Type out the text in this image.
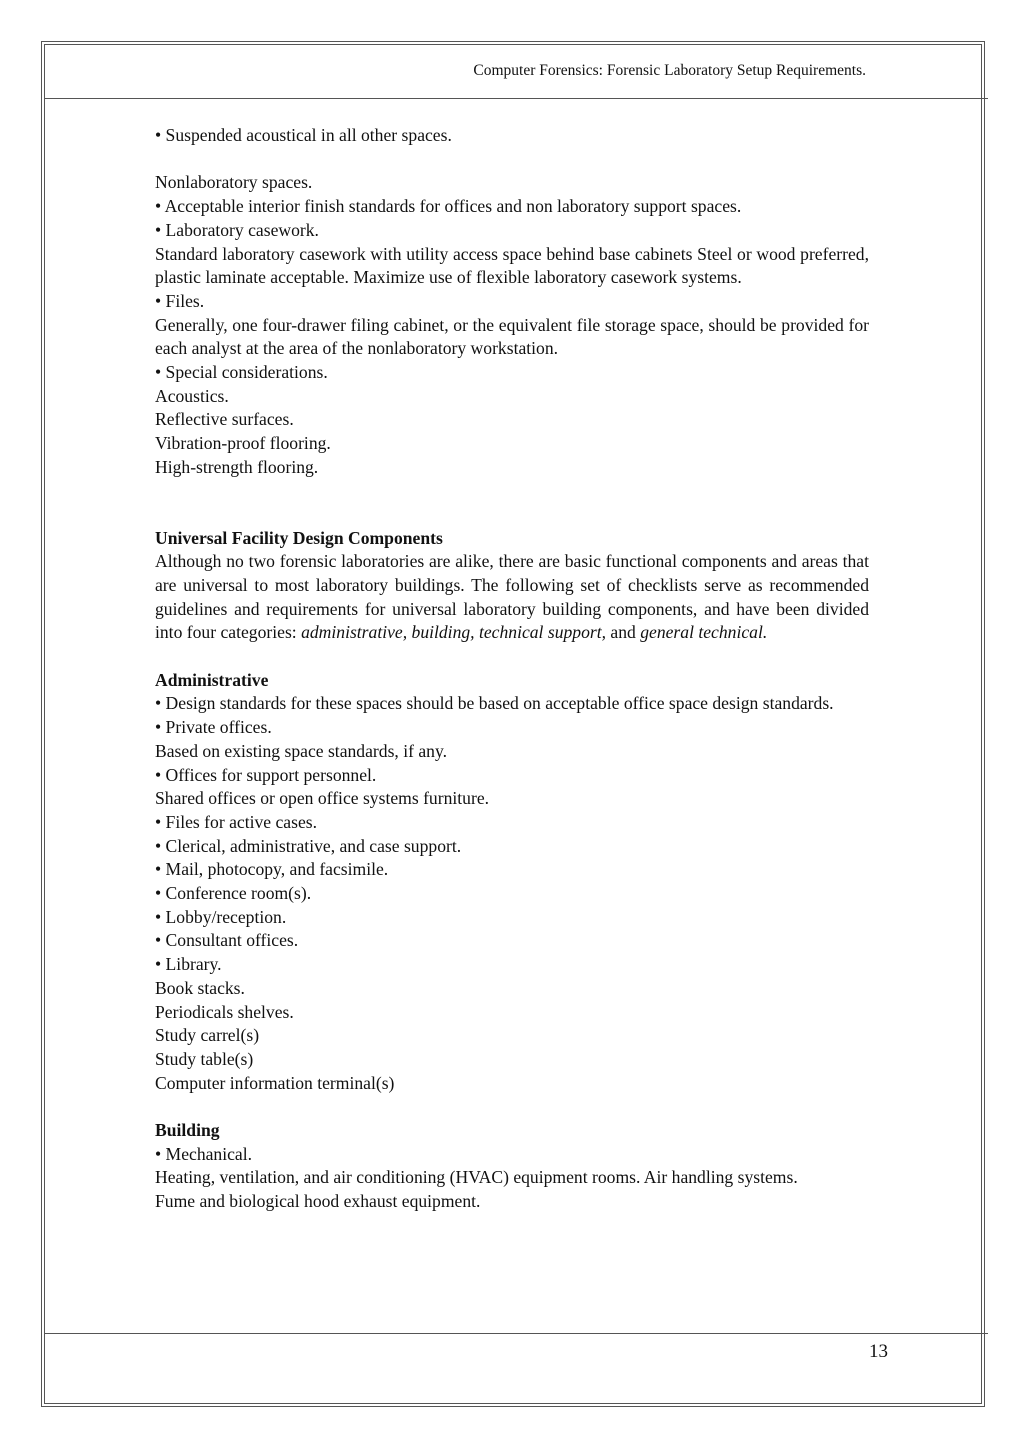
Computer Forensics: Forensic Laboratory Setup Requirements.
• Suspended acoustical in all other spaces.
Nonlaboratory spaces.
• Acceptable interior finish standards for offices and non laboratory support spaces.
• Laboratory casework.
Standard laboratory casework with utility access space behind base cabinets Steel or wood preferred, plastic laminate acceptable. Maximize use of flexible laboratory casework systems.
• Files.
Generally, one four-drawer filing cabinet, or the equivalent file storage space, should be provided for each analyst at the area of the nonlaboratory workstation.
• Special considerations.
Acoustics.
Reflective surfaces.
Vibration-proof flooring.
High-strength flooring.
Universal Facility Design Components
Although no two forensic laboratories are alike, there are basic functional components and areas that are universal to most laboratory buildings. The following set of checklists serve as recommended guidelines and requirements for universal laboratory building components, and have been divided into four categories: administrative, building, technical support, and general technical.
Administrative
• Design standards for these spaces should be based on acceptable office space design standards.
• Private offices.
Based on existing space standards, if any.
• Offices for support personnel.
Shared offices or open office systems furniture.
• Files for active cases.
• Clerical, administrative, and case support.
• Mail, photocopy, and facsimile.
• Conference room(s).
• Lobby/reception.
• Consultant offices.
• Library.
Book stacks.
Periodicals shelves.
Study carrel(s)
Study table(s)
Computer information terminal(s)
Building
• Mechanical.
Heating, ventilation, and air conditioning (HVAC) equipment rooms. Air handling systems.
Fume and biological hood exhaust equipment.
13
